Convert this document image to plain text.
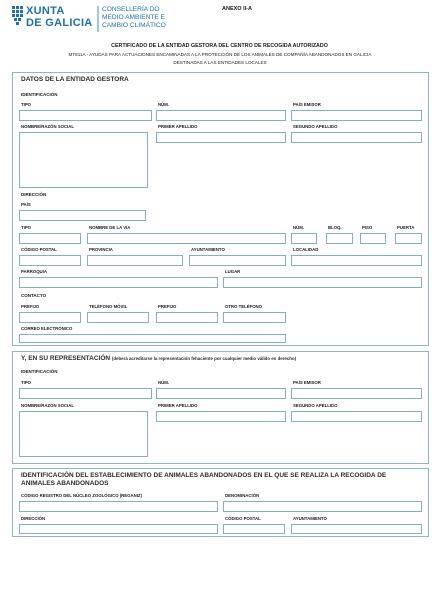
XUNTA
DE GALICIA
CONSELLERÍA DO
MEDIO AMBIENTE E
CAMBIO CLIMÁTICO
ANEXO II-A
CERTIFICADO DE LA ENTIDAD GESTORA DEL CENTRO DE RECOGIDA AUTORIZADO
MT811A - AYUDAS PARA ACTUACIONES ENCAMINADAS A LA PROTECCIÓN DE LOS ANIMALES DE COMPAÑÍA ABANDONADOS EN GALICIA DESTINADAS A LAS ENTIDADES LOCALES
DATOS DE LA ENTIDAD GESTORA
IDENTIFICACIÓN
TIPO	NÚM.	PAÍS EMISOR
NOMBRE/RAZÓN SOCIAL	PRIMER APELLIDO	SEGUNDO APELLIDO
DIRECCIÓN
PAÍS
TIPO	NOMBRE DE LA VÍA	NÚM.	BLOQ.	PISO	PUERTA
CÓDIGO POSTAL	PROVINCIA	AYUNTAMIENTO	LOCALIDAD
PARROQUIA	LUGAR
CONTACTO
PREFIJO	TELÉFONO MÓVIL	PREFIJO	OTRO TELÉFONO
CORREO ELECTRÓNICO
Y, EN SU REPRESENTACIÓN (deberá acreditarse la representación fehaciente por cualquier medio válido en derecho)
IDENTIFICACIÓN
TIPO	NÚM.	PAÍS EMISOR
NOMBRE/RAZÓN SOCIAL	PRIMER APELLIDO	SEGUNDO APELLIDO
IDENTIFICACIÓN DEL ESTABLECIMIENTO DE ANIMALES ABANDONADOS EN EL QUE SE REALIZA LA RECOGIDA DE ANIMALES ABANDONADOS
CÓDIGO REGISTRO DEL NÚCLEO ZOOLÓGICO (REGANIZ)	DENOMINACIÓN
DIRECCIÓN	CÓDIGO POSTAL	AYUNTAMIENTO
